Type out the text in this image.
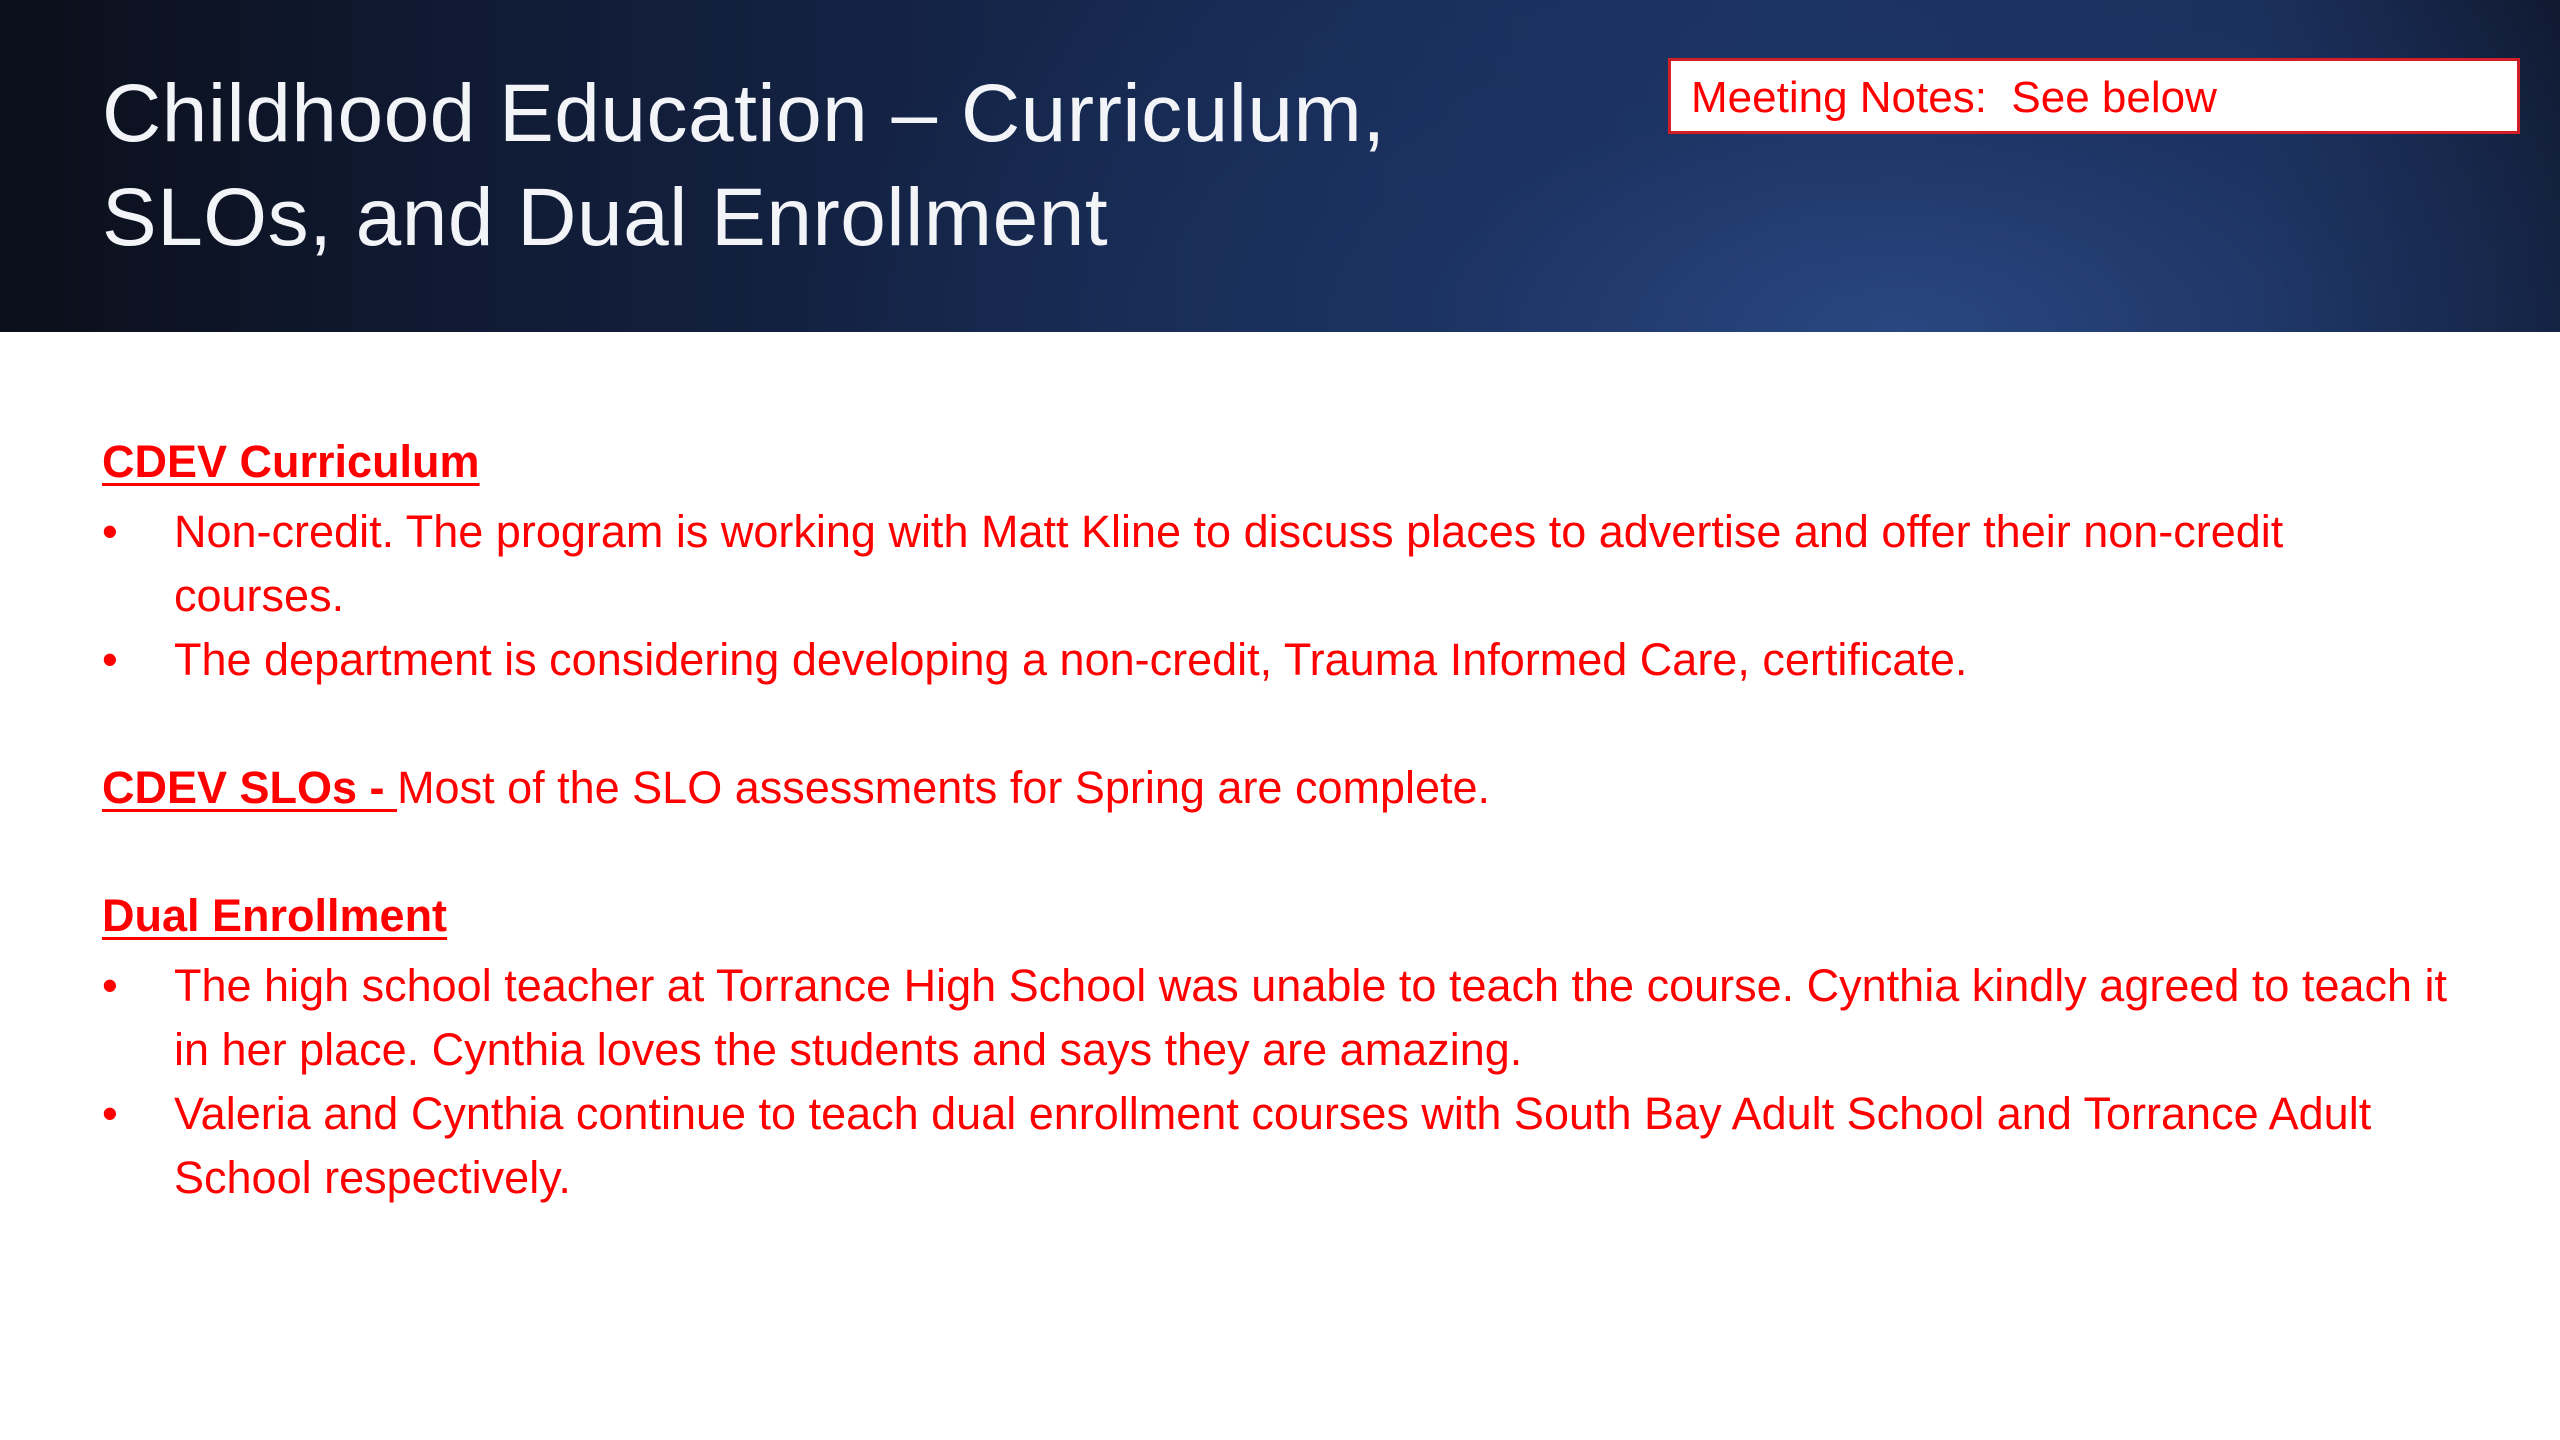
Childhood Education – Curriculum,
SLOs, and Dual Enrollment
Meeting Notes:  See below

CDEV Curriculum

•	Non-credit. The program is working with Matt Kline to discuss places to advertise and offer their non-credit courses.
•	The department is considering developing a non-credit, Trauma Informed Care, certificate.

CDEV SLOs - Most of the SLO assessments for Spring are complete.

Dual Enrollment

•	The high school teacher at Torrance High School was unable to teach the course. Cynthia kindly agreed to teach it in her place. Cynthia loves the students and says they are amazing.
•	Valeria and Cynthia continue to teach dual enrollment courses with South Bay Adult School and Torrance Adult School respectively.
